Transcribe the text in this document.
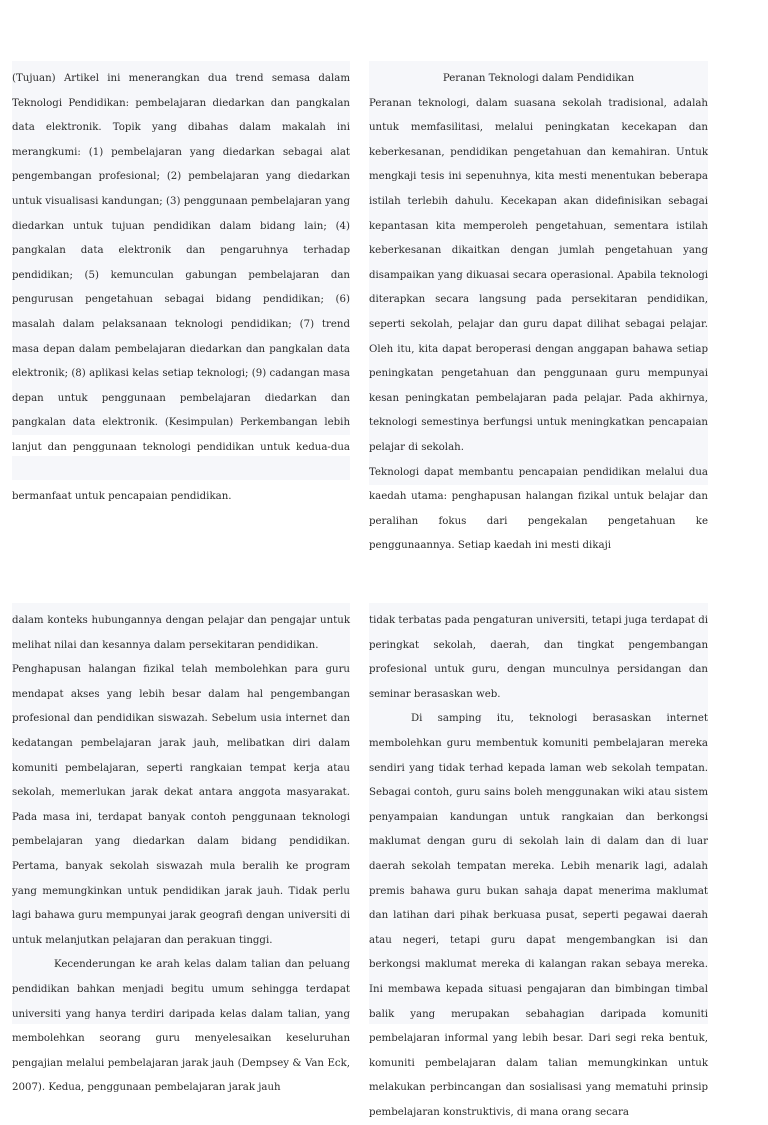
(Tujuan) Artikel ini menerangkan dua trend semasa dalam Teknologi Pendidikan: pembelajaran diedarkan dan pangkalan data elektronik. Topik yang dibahas dalam makalah ini merangkumi: (1) pembelajaran yang diedarkan sebagai alat pengembangan profesional; (2) pembelajaran yang diedarkan untuk visualisasi kandungan; (3) penggunaan pembelajaran yang diedarkan untuk tujuan pendidikan dalam bidang lain; (4) pangkalan data elektronik dan pengaruhnya terhadap pendidikan; (5) kemunculan gabungan pembelajaran dan pengurusan pengetahuan sebagai bidang pendidikan; (6) masalah dalam pelaksanaan teknologi pendidikan; (7) trend masa depan dalam pembelajaran diedarkan dan pangkalan data elektronik; (8) aplikasi kelas setiap teknologi; (9) cadangan masa depan untuk penggunaan pembelajaran diedarkan dan pangkalan data elektronik. (Kesimpulan) Perkembangan lebih lanjut dan penggunaan teknologi pendidikan untuk kedua-dua bermanfaat untuk pencapaian pendidikan.

Peranan Teknologi dalam Pendidikan

Peranan teknologi, dalam suasana sekolah tradisional, adalah untuk memfasilitasi, melalui peningkatan kecekapan dan keberkesanan, pendidikan pengetahuan dan kemahiran. Untuk mengkaji tesis ini sepenuhnya, kita mesti menentukan beberapa istilah terlebih dahulu. Kecekapan akan didefinisikan sebagai kepantasan kita memperoleh pengetahuan, sementara istilah keberkesanan dikaitkan dengan jumlah pengetahuan yang disampaikan yang dikuasai secara operasional. Apabila teknologi diterapkan secara langsung pada persekitaran pendidikan, seperti sekolah, pelajar dan guru dapat dilihat sebagai pelajar. Oleh itu, kita dapat beroperasi dengan anggapan bahawa setiap peningkatan pengetahuan dan penggunaan guru mempunyai kesan peningkatan pembelajaran pada pelajar. Pada akhirnya, teknologi semestinya berfungsi untuk meningkatkan pencapaian pelajar di sekolah.

Teknologi dapat membantu pencapaian pendidikan melalui dua kaedah utama: penghapusan halangan fizikal untuk belajar dan peralihan fokus dari pengekalan pengetahuan ke penggunaannya. Setiap kaedah ini mesti dikaji

dalam konteks hubungannya dengan pelajar dan pengajar untuk melihat nilai dan kesannya dalam persekitaran pendidikan.

Penghapusan halangan fizikal telah membolehkan para guru mendapat akses yang lebih besar dalam hal pengembangan profesional dan pendidikan siswazah. Sebelum usia internet dan kedatangan pembelajaran jarak jauh, melibatkan diri dalam komuniti pembelajaran, seperti rangkaian tempat kerja atau sekolah, memerlukan jarak dekat antara anggota masyarakat. Pada masa ini, terdapat banyak contoh penggunaan teknologi pembelajaran yang diedarkan dalam bidang pendidikan. Pertama, banyak sekolah siswazah mula beralih ke program yang memungkinkan untuk pendidikan jarak jauh. Tidak perlu lagi bahawa guru mempunyai jarak geografi dengan universiti di untuk melanjutkan pelajaran dan perakuan tinggi.

Kecenderungan ke arah kelas dalam talian dan peluang pendidikan bahkan menjadi begitu umum sehingga terdapat universiti yang hanya terdiri daripada kelas dalam talian, yang membolehkan seorang guru menyelesaikan keseluruhan pengajian melalui pembelajaran jarak jauh (Dempsey & Van Eck, 2007). Kedua, penggunaan pembelajaran jarak jauh

tidak terbatas pada pengaturan universiti, tetapi juga terdapat di peringkat sekolah, daerah, dan tingkat pengembangan profesional untuk guru, dengan munculnya persidangan dan seminar berasaskan web.

Di samping itu, teknologi berasaskan internet membolehkan guru membentuk komuniti pembelajaran mereka sendiri yang tidak terhad kepada laman web sekolah tempatan. Sebagai contoh, guru sains boleh menggunakan wiki atau sistem penyampaian kandungan untuk rangkaian dan berkongsi maklumat dengan guru di sekolah lain di dalam dan di luar daerah sekolah tempatan mereka. Lebih menarik lagi, adalah premis bahawa guru bukan sahaja dapat menerima maklumat dan latihan dari pihak berkuasa pusat, seperti pegawai daerah atau negeri, tetapi guru dapat mengembangkan isi dan berkongsi maklumat mereka di kalangan rakan sebaya mereka. Ini membawa kepada situasi pengajaran dan bimbingan timbal balik yang merupakan sebahagian daripada komuniti pembelajaran informal yang lebih besar. Dari segi reka bentuk, komuniti pembelajaran dalam talian memungkinkan untuk melakukan perbincangan dan sosialisasi yang mematuhi prinsip pembelajaran konstruktivis, di mana orang secara
